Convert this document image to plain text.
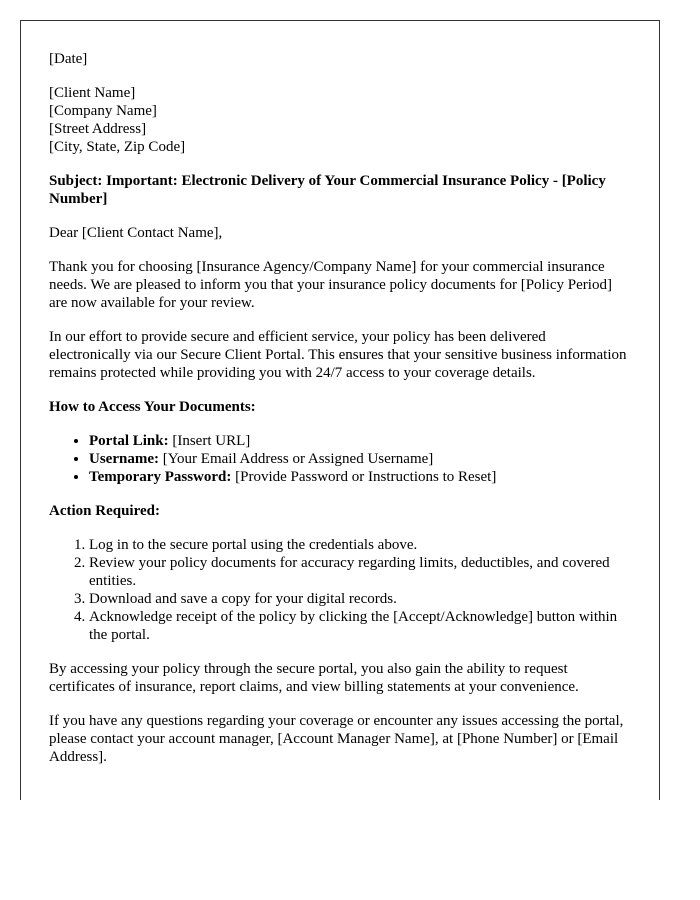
[Date]

[Client Name]
[Company Name]
[Street Address]
[City, State, Zip Code]

Subject: Important: Electronic Delivery of Your Commercial Insurance Policy - [Policy Number]

Dear [Client Contact Name],

Thank you for choosing [Insurance Agency/Company Name] for your commercial insurance needs. We are pleased to inform you that your insurance policy documents for [Policy Period] are now available for your review.

In our effort to provide secure and efficient service, your policy has been delivered electronically via our Secure Client Portal. This ensures that your sensitive business information remains protected while providing you with 24/7 access to your coverage details.

How to Access Your Documents:

• Portal Link: [Insert URL]
• Username: [Your Email Address or Assigned Username]
• Temporary Password: [Provide Password or Instructions to Reset]

Action Required:

1. Log in to the secure portal using the credentials above.
2. Review your policy documents for accuracy regarding limits, deductibles, and covered entities.
3. Download and save a copy for your digital records.
4. Acknowledge receipt of the policy by clicking the [Accept/Acknowledge] button within the portal.

By accessing your policy through the secure portal, you also gain the ability to request certificates of insurance, report claims, and view billing statements at your convenience.

If you have any questions regarding your coverage or encounter any issues accessing the portal, please contact your account manager, [Account Manager Name], at [Phone Number] or [Email Address].
